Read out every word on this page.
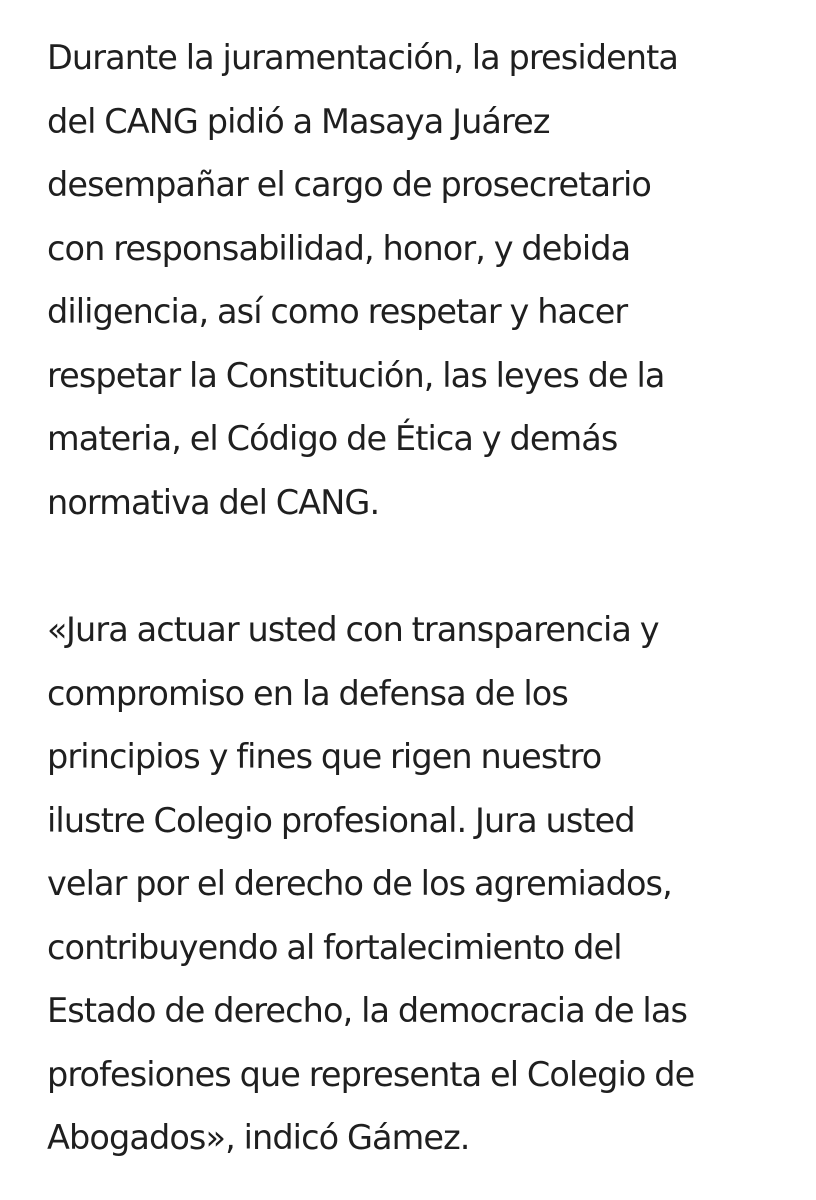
Durante la juramentación, la presidenta
del CANG pidió a Masaya Juárez
desempañar el cargo de prosecretario
con responsabilidad, honor, y debida
diligencia, así como respetar y hacer
respetar la Constitución, las leyes de la
materia, el Código de Ética y demás
normativa del CANG.

«Jura actuar usted con transparencia y
compromiso en la defensa de los
principios y fines que rigen nuestro
ilustre Colegio profesional. Jura usted
velar por el derecho de los agremiados,
contribuyendo al fortalecimiento del
Estado de derecho, la democracia de las
profesiones que representa el Colegio de
Abogados», indicó Gámez.
